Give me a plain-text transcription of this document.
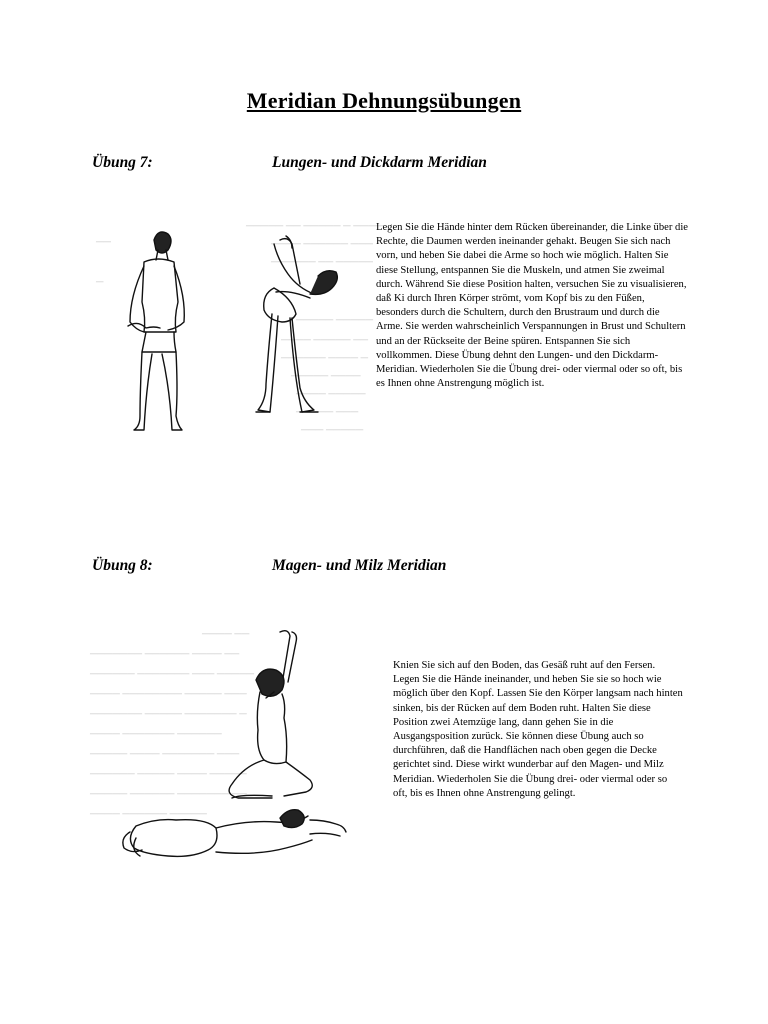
Meridian Dehnungsübungen
Übung 7:	Lungen- und Dickdarm Meridian
───── ── ───── ─ ────
──── ────── ───
────── ── ─────
───── ─────
──── ───── ──
────── ──── ─
───── ────
──── ─────
───── ───
─── ─────
──
─
Legen Sie die Hände hinter dem Rücken übereinander, die Linke über die Rechte, die Daumen werden ineinander gehakt. Beugen Sie sich nach vorn, und heben Sie dabei die Arme so hoch wie möglich. Halten Sie diese Stellung, entspannen Sie die Muskeln, und atmen Sie zweimal durch. Während Sie diese Position halten, versuchen Sie zu visualisieren, daß Ki durch Ihren Körper strömt, vom Kopf bis zu den Füßen, besonders durch die Schultern, durch den Brustraum und durch die Arme. Sie werden wahrscheinlich Verspannungen in Brust und Schultern und an der Rückseite der Beine spüren. Entspannen Sie sich vollkommen. Diese Übung dehnt den Lungen- und den Dickdarm- Meridian. Wiederholen Sie die Übung drei- oder viermal oder so oft, bis es Ihnen ohne Anstrengung möglich ist.
Übung 8:	Magen- und Milz Meridian
──── ──
─────── ────── ──── ──
────── ─────── ─── ─────
──── ──────── ───── ───
─────── ───── ─────── ─
──── ─────── ──────
───── ──── ─────── ───
────── ───── ──── ─────
───── ────── ─────── ──
──── ────── ─────
Knien Sie sich auf den Boden, das Gesäß ruht auf den Fersen. Legen Sie die Hände ineinander, und heben Sie sie so hoch wie möglich über den Kopf. Lassen Sie den Körper langsam nach hinten sinken, bis der Rücken auf dem Boden ruht. Halten Sie diese Position zwei Atemzüge lang, dann gehen Sie in die Ausgangsposition zurück. Sie können diese Übung auch so durchführen, daß die Handflächen nach oben gegen die Decke gerichtet sind. Diese wirkt wunderbar auf den Magen- und Milz Meridian. Wiederholen Sie die Übung drei- oder viermal oder so oft, bis es Ihnen ohne Anstrengung gelingt.
